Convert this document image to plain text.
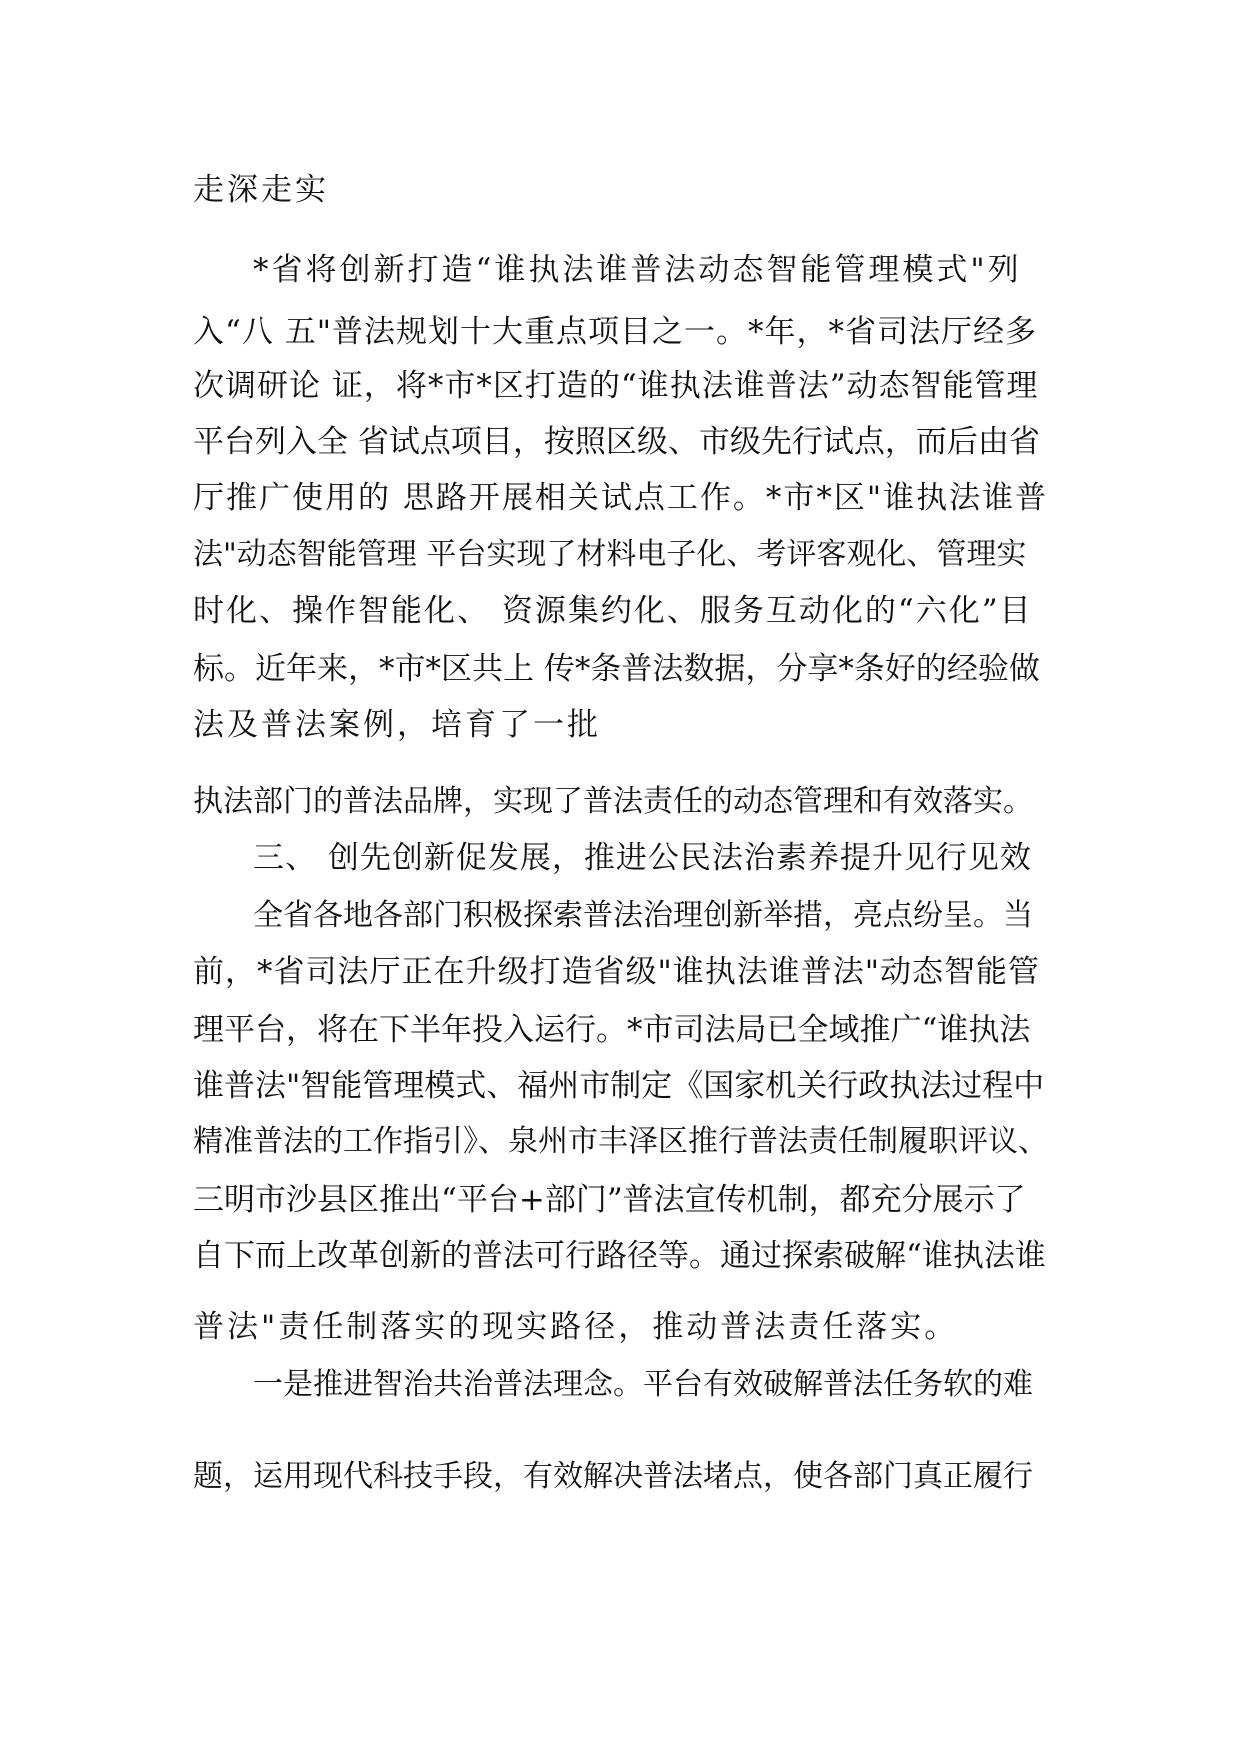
走深走实

*省将创新打造“谁执法谁普法动态智能管理模式"列

入“八 五"普法规划十大重点项目之一。*年，*省司法厅经多

次调研论 证，将*市*区打造的“谁执法谁普法”动态智能管理

平台列入全 省试点项目，按照区级、市级先行试点，而后由省

厅推广使用的 思路开展相关试点工作。*市*区"谁执法谁普

法"动态智能管理 平台实现了材料电子化、考评客观化、管理实

时化、操作智能化、 资源集约化、服务互动化的“六化”目

标。近年来，*市*区共上 传*条普法数据，分享*条好的经验做

法及普法案例，培育了一批

执法部门的普法品牌，实现了普法责任的动态管理和有效落实。

三、 创先创新促发展，推进公民法治素养提升见行见效

全省各地各部门积极探索普法治理创新举措，亮点纷呈。当

前，*省司法厅正在升级打造省级"谁执法谁普法"动态智能管

理平台，将在下半年投入运行。*市司法局已全域推广“谁执法

谁普法"智能管理模式、福州市制定《国家机关行政执法过程中

精准普法的工作指引》、泉州市丰泽区推行普法责任制履职评议、

三明市沙县区推出“平台+部门”普法宣传机制，都充分展示了

自下而上改革创新的普法可行路径等。通过探索破解“谁执法谁

普法"责任制落实的现实路径，推动普法责任落实。

一是推进智治共治普法理念。平台有效破解普法任务软的难

题，运用现代科技手段，有效解决普法堵点，使各部门真正履行
